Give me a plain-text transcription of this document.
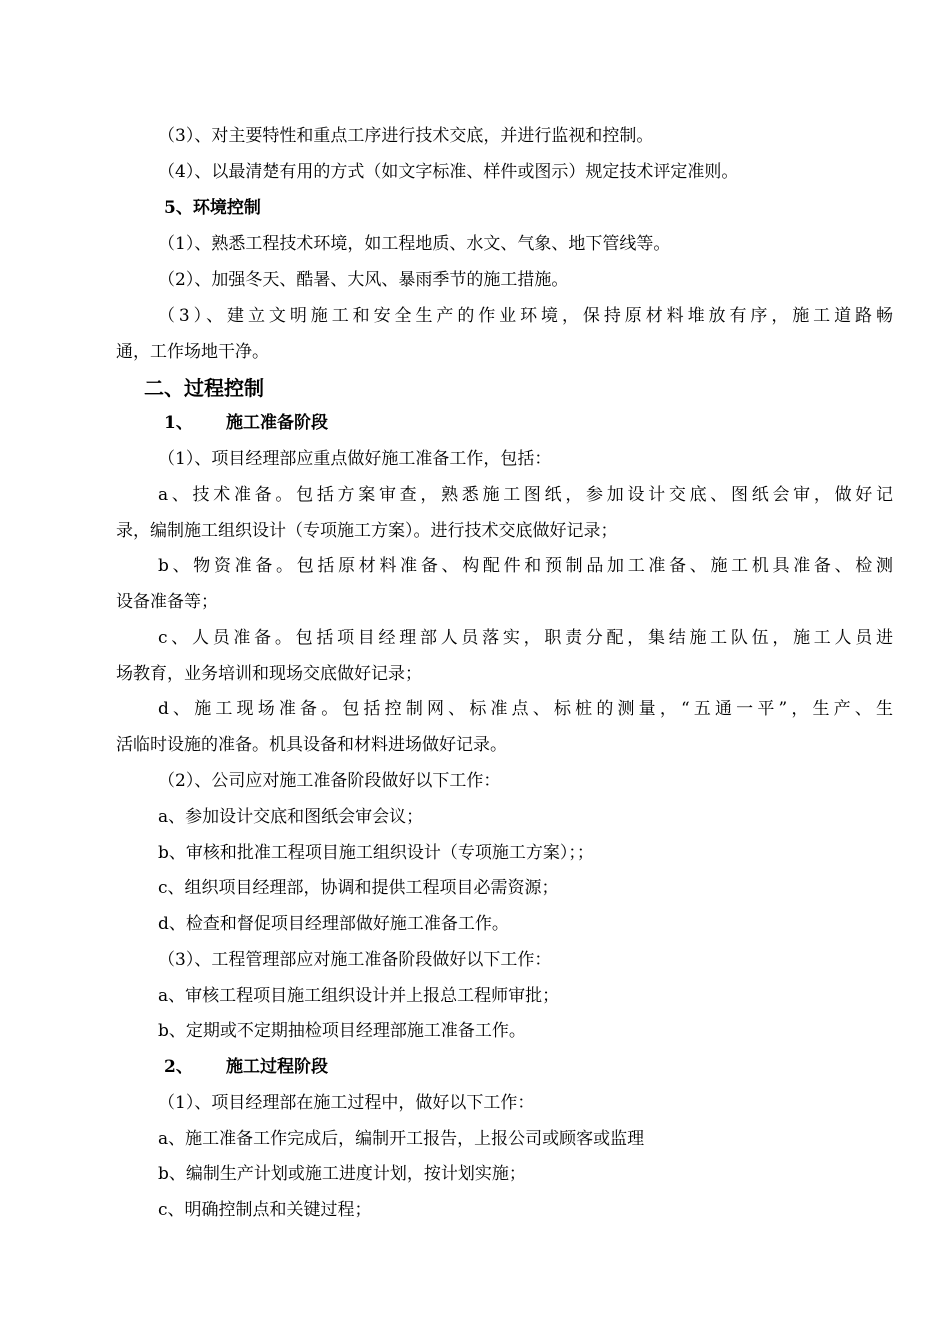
（3）、对主要特性和重点工序进行技术交底，并进行监视和控制。
（4）、以最清楚有用的方式（如文字标准、样件或图示）规定技术评定准则。
5、环境控制
（1）、熟悉工程技术环境，如工程地质、水文、气象、地下管线等。
（2）、加强冬天、酷暑、大风、暴雨季节的施工措施。
（3）、建立文明施工和安全生产的作业环境，保持原材料堆放有序，施工道路畅
通，工作场地干净。
二、过程控制
1、 施工准备阶段
（1）、项目经理部应重点做好施工准备工作，包括：
a、技术准备。包括方案审查，熟悉施工图纸，参加设计交底、图纸会审，做好记
录，编制施工组织设计（专项施工方案）。进行技术交底做好记录；
b、物资准备。包括原材料准备、构配件和预制品加工准备、施工机具准备、检测
设备准备等；
c、人员准备。包括项目经理部人员落实，职责分配，集结施工队伍，施工人员进
场教育，业务培训和现场交底做好记录；
d、施工现场准备。包括控制网、标准点、标桩的测量，“五通一平”，生产、生
活临时设施的准备。机具设备和材料进场做好记录。
（2）、公司应对施工准备阶段做好以下工作：
a、参加设计交底和图纸会审会议；
b、审核和批准工程项目施工组织设计（专项施工方案）；；
c、组织项目经理部，协调和提供工程项目必需资源；
d、检查和督促项目经理部做好施工准备工作。
（3）、工程管理部应对施工准备阶段做好以下工作：
a、审核工程项目施工组织设计并上报总工程师审批；
b、定期或不定期抽检项目经理部施工准备工作。
2、 施工过程阶段
（1）、项目经理部在施工过程中，做好以下工作：
a、施工准备工作完成后，编制开工报告，上报公司或顾客或监理
b、编制生产计划或施工进度计划，按计划实施；
c、明确控制点和关键过程；
